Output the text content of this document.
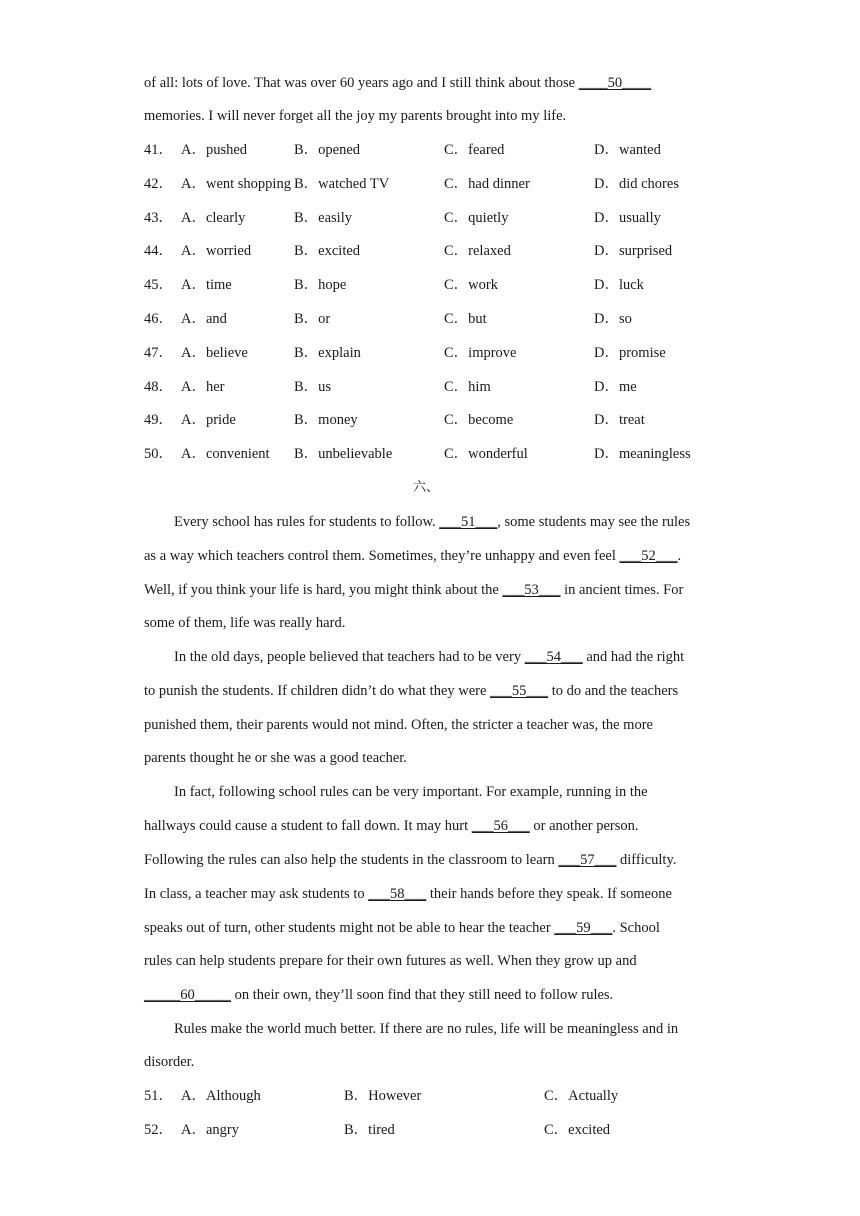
of all: lots of love. That was over 60 years ago and I still think about those ____50____
memories. I will never forget all the joy my parents brought into my life.
41． A．pushed	B．opened	C．feared	D．wanted
42． A．went shopping B．watched TV	C．had dinner	D．did chores
43． A．clearly	B．easily	C．quietly	D．usually
44． A．worried	B．excited	C．relaxed	D．surprised
45． A．time	B．hope	C．work	D．luck
46． A．and	B．or	C．but	D．so
47． A．believe	B．explain	C．improve	D．promise
48． A．her	B．us	C．him	D．me
49． A．pride	B．money	C．become	D．treat
50． A．convenient B．unbelievable	C．wonderful	D．meaningless
六、
Every school has rules for students to follow. ___51___, some students may see the rules
as a way which teachers control them. Sometimes, they’re unhappy and even feel ___52___.
Well, if you think your life is hard, you might think about the ___53___ in ancient times. For
some of them, life was really hard.
In the old days, people believed that teachers had to be very ___54___ and had the right
to punish the students. If children didn’t do what they were ___55___ to do and the teachers
punished them, their parents would not mind. Often, the stricter a teacher was, the more
parents thought he or she was a good teacher.
In fact, following school rules can be very important. For example, running in the
hallways could cause a student to fall down. It may hurt ___56___ or another person.
Following the rules can also help the students in the classroom to learn ___57___ difficulty.
In class, a teacher may ask students to ___58___ their hands before they speak. If someone
speaks out of turn, other students might not be able to hear the teacher ___59___. School
rules can help students prepare for their own futures as well. When they grow up and
_____60_____ on their own, they’ll soon find that they still need to follow rules.
Rules make the world much better. If there are no rules, life will be meaningless and in
disorder.
51． A．Although	B．However	C．Actually
52． A．angry	B．tired	C．excited
